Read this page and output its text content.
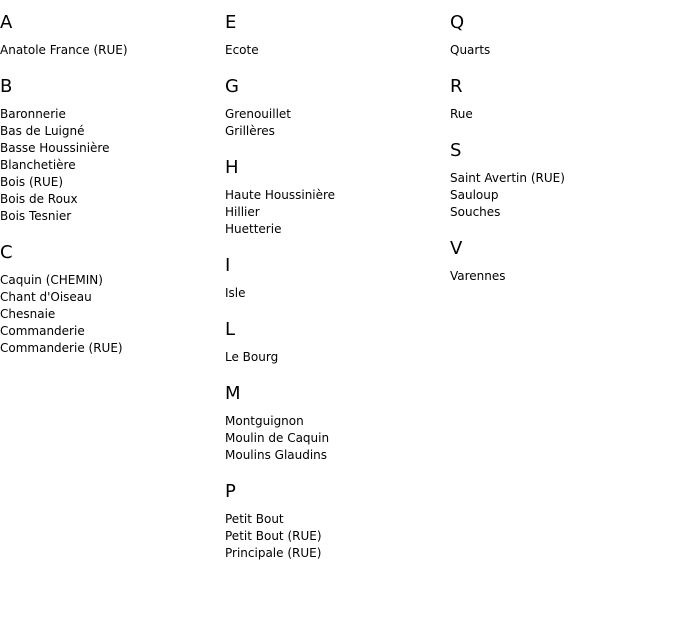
A
Anatole France (RUE)
B
Baronnerie
Bas de Luigné
Basse Houssinière
Blanchetière
Bois (RUE)
Bois de Roux
Bois Tesnier
C
Caquin (CHEMIN)
Chant d'Oiseau
Chesnaie
Commanderie
Commanderie (RUE)
E
Ecote
G
Grenouillet
Grillères
H
Haute Houssinière
Hillier
Huetterie
I
Isle
L
Le Bourg
M
Montguignon
Moulin de Caquin
Moulins Glaudins
P
Petit Bout
Petit Bout (RUE)
Principale (RUE)
Q
Quarts
R
Rue
S
Saint Avertin (RUE)
Sauloup
Souches
V
Varennes
